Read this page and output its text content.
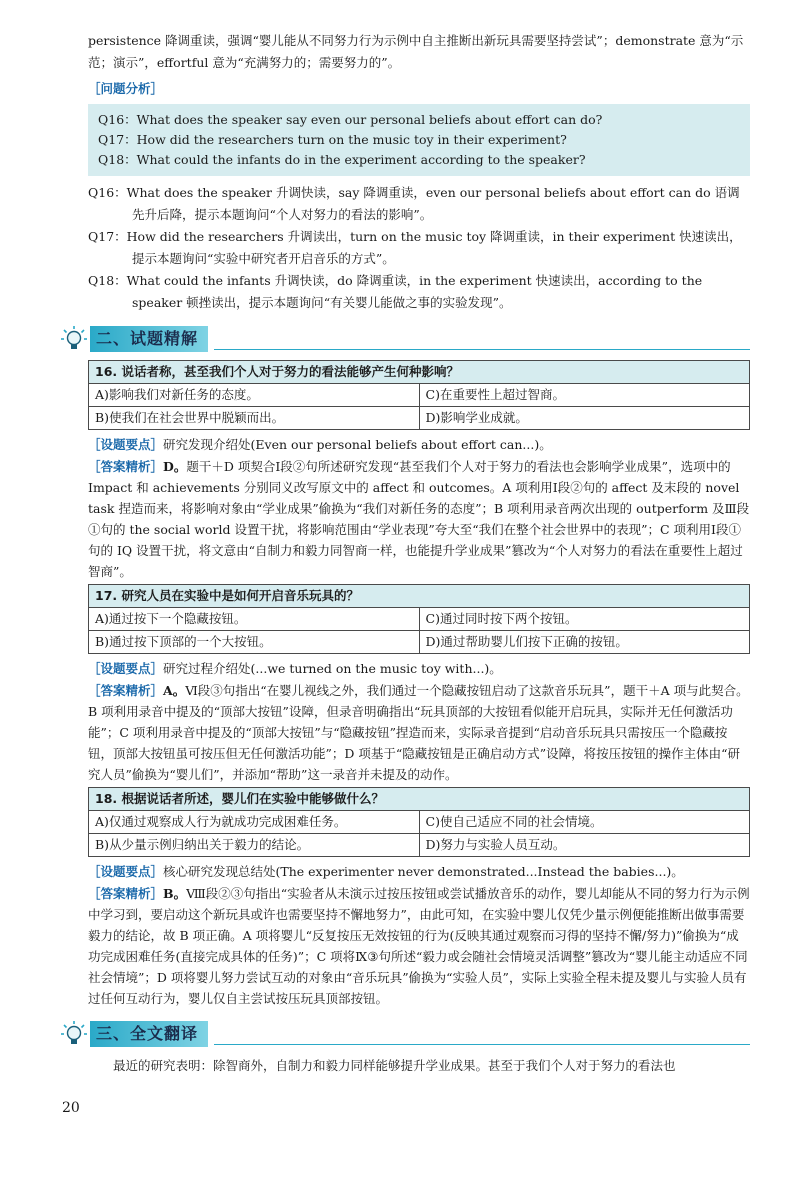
persistence 降调重读，强调“婴儿能从不同努力行为示例中自主推断出新玩具需要坚持尝试”；demonstrate 意为“示范；演示”，effortful 意为“充满努力的；需要努力的”。

［问题分析］

Q16：What does the speaker say even our personal beliefs about effort can do?

Q17：How did the researchers turn on the music toy in their experiment?

Q18：What could the infants do in the experiment according to the speaker?

Q16：What does the speaker 升调快读，say 降调重读，even our personal beliefs about effort can do 语调先升后降，提示本题询问“个人对努力的看法的影响”。

Q17：How did the researchers 升调读出，turn on the music toy 降调重读，in their experiment 快速读出，提示本题询问“实验中研究者开启音乐的方式”。

Q18：What could the infants 升调快读，do 降调重读，in the experiment 快速读出，according to the speaker 顿挫读出，提示本题询问“有关婴儿能做之事的实验发现”。

二、试题精解
16. 说话者称，甚至我们个人对于努力的看法能够产生何种影响？	
A)影响我们对新任务的态度。	C)在重要性上超过智商。
B)使我们在社会世界中脱颖而出。	D)影响学业成就。

［设题要点］研究发现介绍处(Even our personal beliefs about effort can...)。

［答案精析］D。题干＋D 项契合Ⅰ段②句所述研究发现“甚至我们个人对于努力的看法也会影响学业成果”，选项中的 Impact 和 achievements 分别同义改写原文中的 affect 和 outcomes。A 项利用Ⅰ段②句的 affect 及末段的 novel task 捏造而来，将影响对象由“学业成果”偷换为“我们对新任务的态度”；B 项利用录音两次出现的 outperform 及Ⅲ段①句的 the social world 设置干扰，将影响范围由“学业表现”夸大至“我们在整个社会世界中的表现”；C 项利用Ⅰ段①句的 IQ 设置干扰，将文意由“自制力和毅力同智商一样，也能提升学业成果”篡改为“个人对努力的看法在重要性上超过智商”。

17. 研究人员在实验中是如何开启音乐玩具的？	
A)通过按下一个隐藏按钮。	C)通过同时按下两个按钮。
B)通过按下顶部的一个大按钮。	D)通过帮助婴儿们按下正确的按钮。

［设题要点］研究过程介绍处(...we turned on the music toy with...)。

［答案精析］A。Ⅵ段③句指出“在婴儿视线之外，我们通过一个隐藏按钮启动了这款音乐玩具”，题干＋A 项与此契合。B 项利用录音中提及的“顶部大按钮”设障，但录音明确指出“玩具顶部的大按钮看似能开启玩具，实际并无任何激活功能”；C 项利用录音中提及的“顶部大按钮”与“隐藏按钮”捏造而来，实际录音提到“启动音乐玩具只需按压一个隐藏按钮，顶部大按钮虽可按压但无任何激活功能”；D 项基于“隐藏按钮是正确启动方式”设障，将按压按钮的操作主体由“研究人员”偷换为“婴儿们”，并添加“帮助”这一录音并未提及的动作。

18. 根据说话者所述，婴儿们在实验中能够做什么？	
A)仅通过观察成人行为就成功完成困难任务。	C)使自己适应不同的社会情境。
B)从少量示例归纳出关于毅力的结论。	D)努力与实验人员互动。

［设题要点］核心研究发现总结处(The experimenter never demonstrated...Instead the babies...)。

［答案精析］B。Ⅷ段②③句指出“实验者从未演示过按压按钮或尝试播放音乐的动作，婴儿却能从不同的努力行为示例中学习到，要启动这个新玩具或许也需要坚持不懈地努力”，由此可知，在实验中婴儿仅凭少量示例便能推断出做事需要毅力的结论，故 B 项正确。A 项将婴儿“反复按压无效按钮的行为(反映其通过观察而习得的坚持不懈/努力)”偷换为“成功完成困难任务(直接完成具体的任务)”；C 项将Ⅸ③句所述“毅力或会随社会情境灵活调整”篡改为“婴儿能主动适应不同社会情境”；D 项将婴儿努力尝试互动的对象由“音乐玩具”偷换为“实验人员”，实际上实验全程未提及婴儿与实验人员有过任何互动行为，婴儿仅自主尝试按压玩具顶部按钮。

三、全文翻译

最近的研究表明：除智商外，自制力和毅力同样能够提升学业成果。甚至于我们个人对于努力的看法也

20
